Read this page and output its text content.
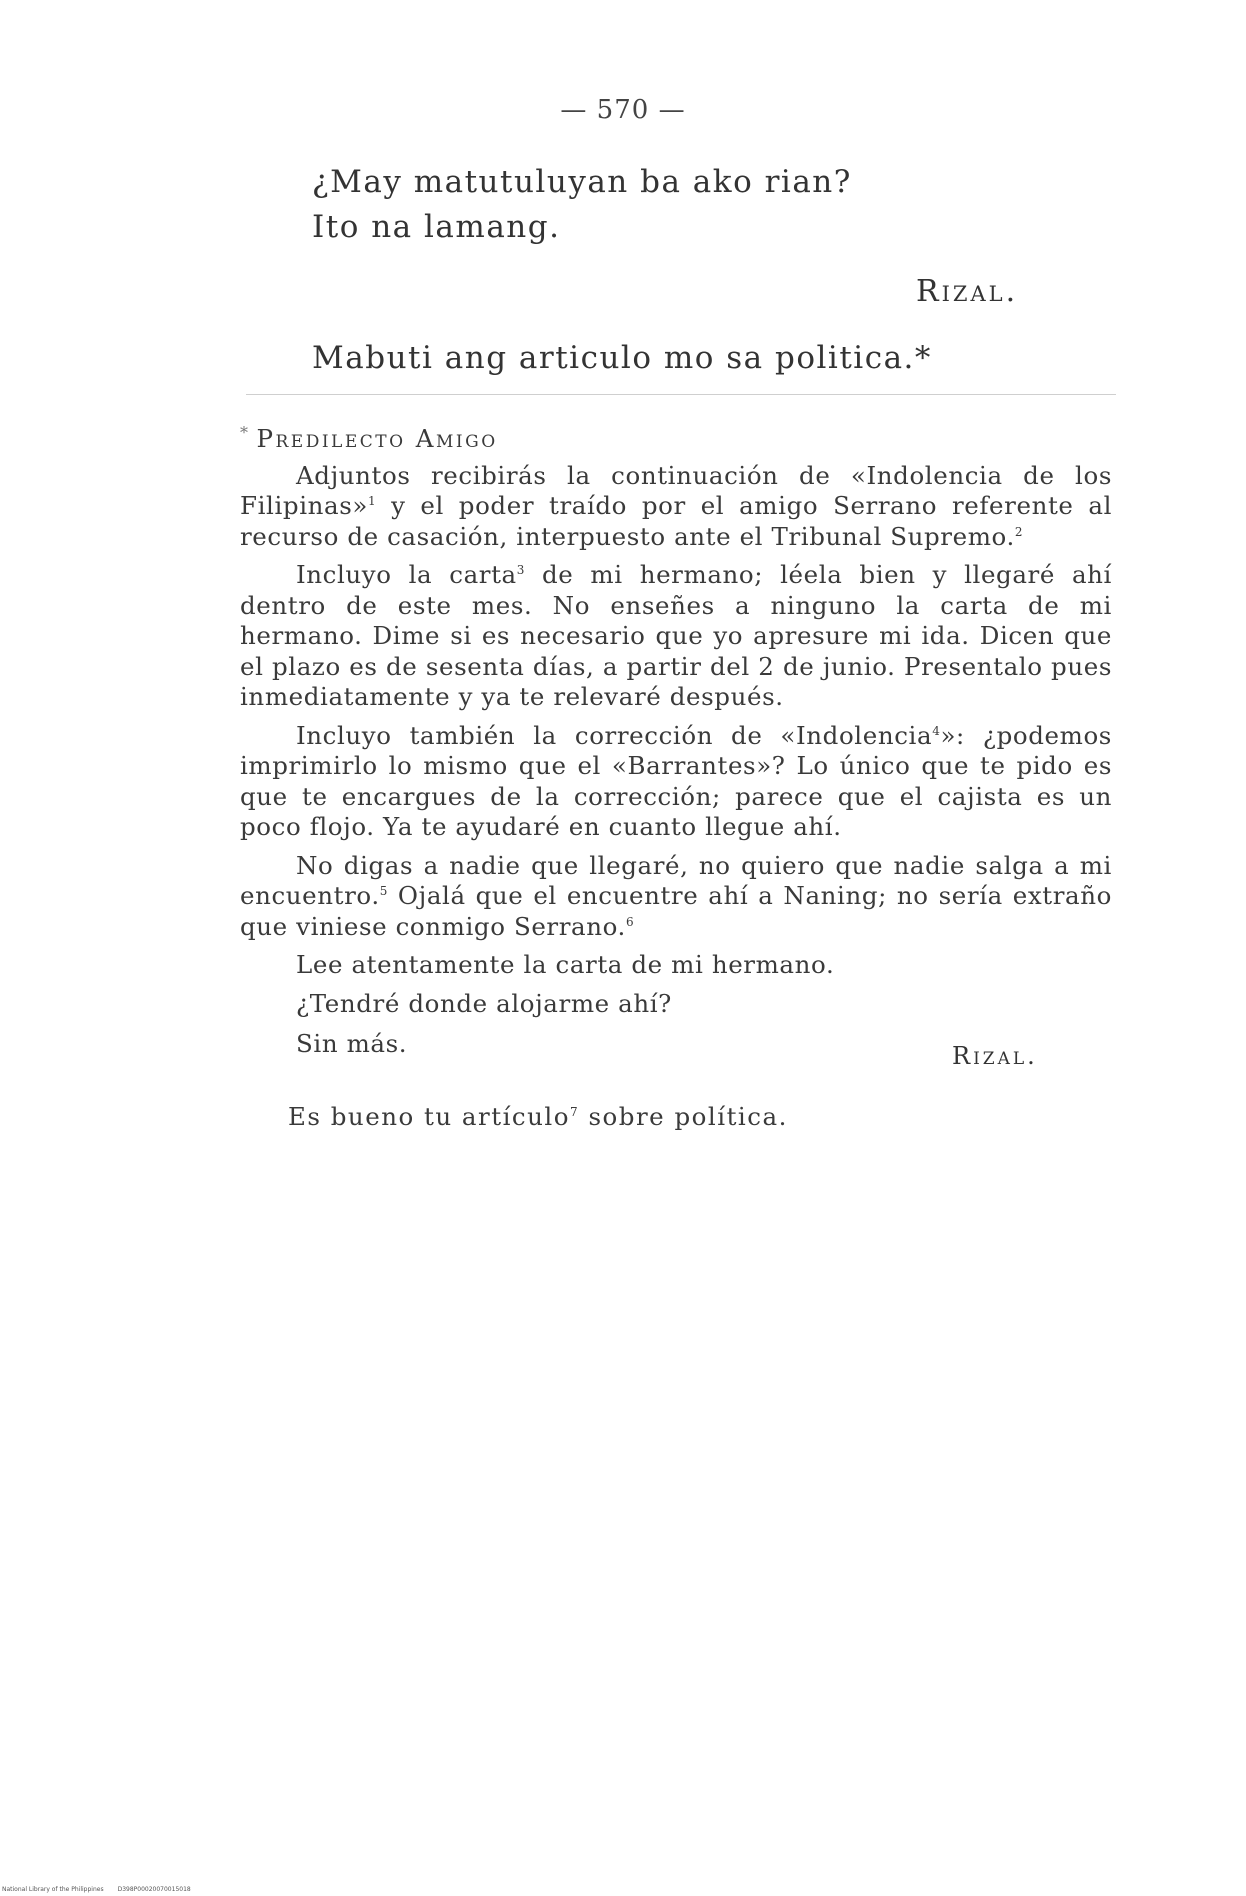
— 570 —
¿May matutuluyan ba ako rian?
Ito na lamang.
Rizal.
Mabuti ang articulo mo sa politica.*
* Predilecto Amigo

Adjuntos recibirás la continuación de «Indolencia de los Filipinas»$^1$ y el poder traído por el amigo Serrano referente al recurso de casación, interpuesto ante el Tribunal Supremo.$^2$

Incluyo la carta$^3$ de mi hermano; léela bien y llegaré ahí dentro de este mes. No enseñes a ninguno la carta de mi hermano. Dime si es necesario que yo apresure mi ida. Dicen que el plazo es de sesenta días, a partir del 2 de junio. Presentalo pues inmediatamente y ya te relevaré después.

Incluyo también la corrección de «Indolencia$^4$»: ¿podemos imprimirlo lo mismo que el «Barrantes»? Lo único que te pido es que te encargues de la corrección; parece que el cajista es un poco flojo. Ya te ayudaré en cuanto llegue ahí.

No digas a nadie que llegaré, no quiero que nadie salga a mi encuentro.$^5$ Ojalá que el encuentre ahí a Naning; no sería extraño que viniese conmigo Serrano.$^6$

Lee atentamente la carta de mi hermano.

¿Tendré donde alojarme ahí?

Sin más.	Rizal.
Es bueno tu artículo$^7$ sobre política.
National Library of the Philippines D398P00020070015018
